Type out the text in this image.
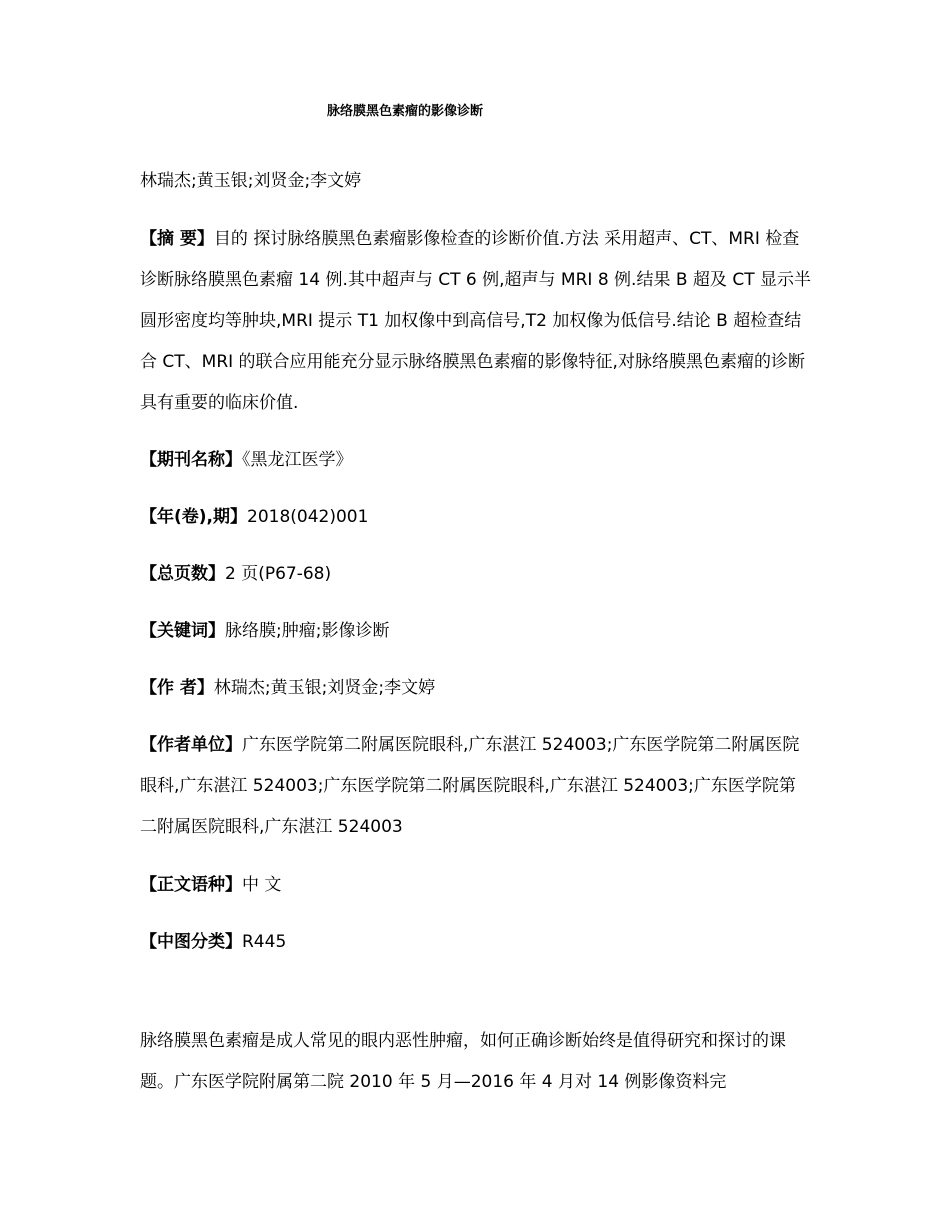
脉络膜黑色素瘤的影像诊断
林瑞杰;黄玉银;刘贤金;李文婷
【摘 要】目的 探讨脉络膜黑色素瘤影像检查的诊断价值.方法 采用超声、CT、MRI 检查诊断脉络膜黑色素瘤 14 例.其中超声与 CT 6 例,超声与 MRI 8 例.结果 B 超及 CT 显示半圆形密度均等肿块,MRI 提示 T1 加权像中到高信号,T2 加权像为低信号.结论 B 超检查结合 CT、MRI 的联合应用能充分显示脉络膜黑色素瘤的影像特征,对脉络膜黑色素瘤的诊断具有重要的临床价值.
【期刊名称】《黑龙江医学》
【年(卷),期】2018(042)001
【总页数】2 页(P67-68)
【关键词】脉络膜;肿瘤;影像诊断
【作 者】林瑞杰;黄玉银;刘贤金;李文婷
【作者单位】广东医学院第二附属医院眼科,广东湛江 524003;广东医学院第二附属医院眼科,广东湛江 524003;广东医学院第二附属医院眼科,广东湛江 524003;广东医学院第二附属医院眼科,广东湛江 524003
【正文语种】中 文
【中图分类】R445
脉络膜黑色素瘤是成人常见的眼内恶性肿瘤，如何正确诊断始终是值得研究和探讨的课题。广东医学院附属第二院 2010 年 5 月—2016 年 4 月对 14 例影像资料完
